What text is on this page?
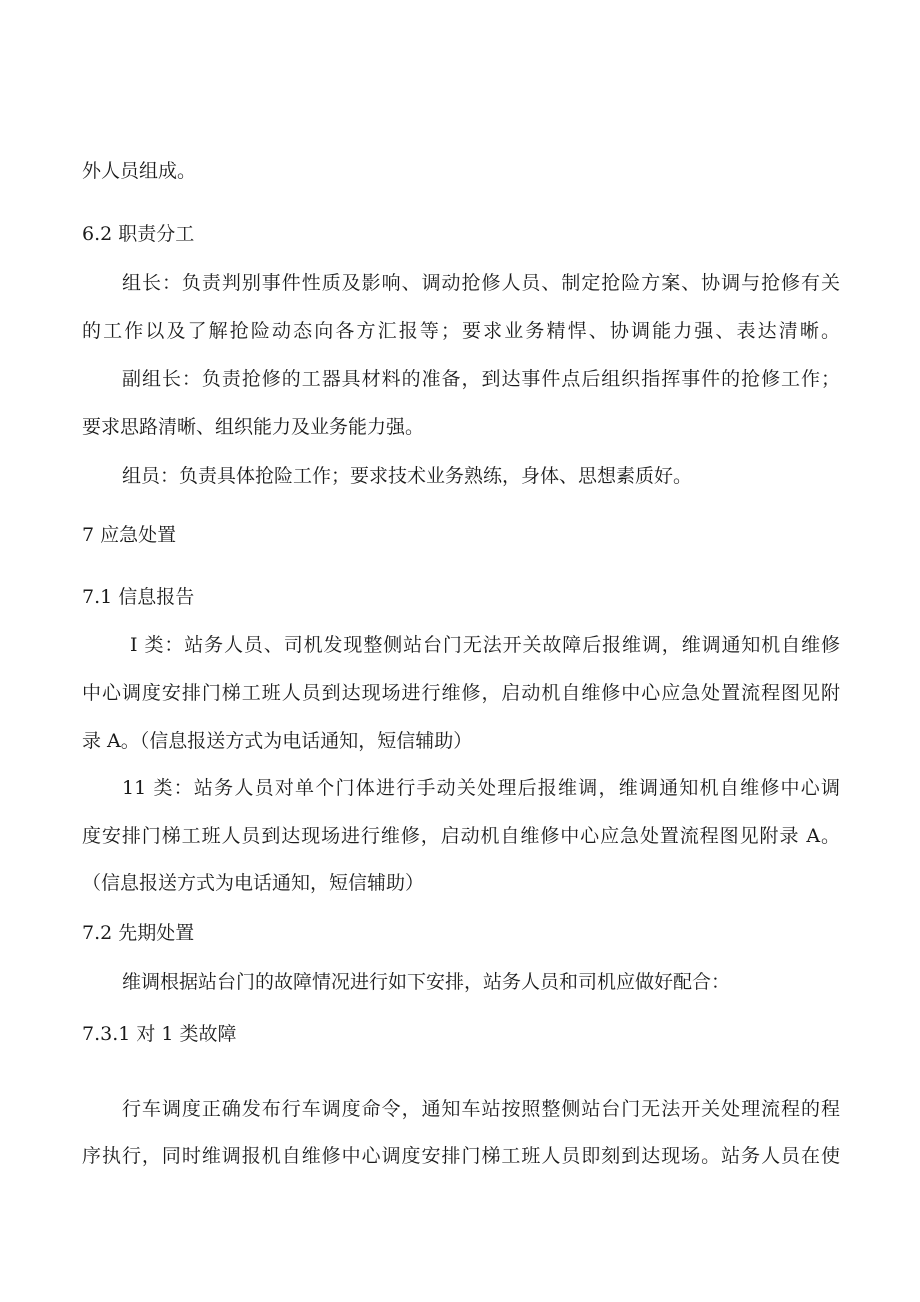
外人员组成。
6.2 职责分工
组长：负责判别事件性质及影响、调动抢修人员、制定抢险方案、协调与抢修有关
的工作以及了解抢险动态向各方汇报等；要求业务精悍、协调能力强、表达清晰。
副组长：负责抢修的工器具材料的准备，到达事件点后组织指挥事件的抢修工作；
要求思路清晰、组织能力及业务能力强。
组员：负责具体抢险工作；要求技术业务熟练，身体、思想素质好。
7 应急处置
7.1 信息报告
I 类：站务人员、司机发现整侧站台门无法开关故障后报维调，维调通知机自维修
中心调度安排门梯工班人员到达现场进行维修，启动机自维修中心应急处置流程图见附
录 A。（信息报送方式为电话通知，短信辅助）
11 类：站务人员对单个门体进行手动关处理后报维调，维调通知机自维修中心调
度安排门梯工班人员到达现场进行维修，启动机自维修中心应急处置流程图见附录 A。
（信息报送方式为电话通知，短信辅助）
7.2 先期处置
维调根据站台门的故障情况进行如下安排，站务人员和司机应做好配合：
7.3.1 对 1 类故障
行车调度正确发布行车调度命令，通知车站按照整侧站台门无法开关处理流程的程
序执行，同时维调报机自维修中心调度安排门梯工班人员即刻到达现场。站务人员在使
